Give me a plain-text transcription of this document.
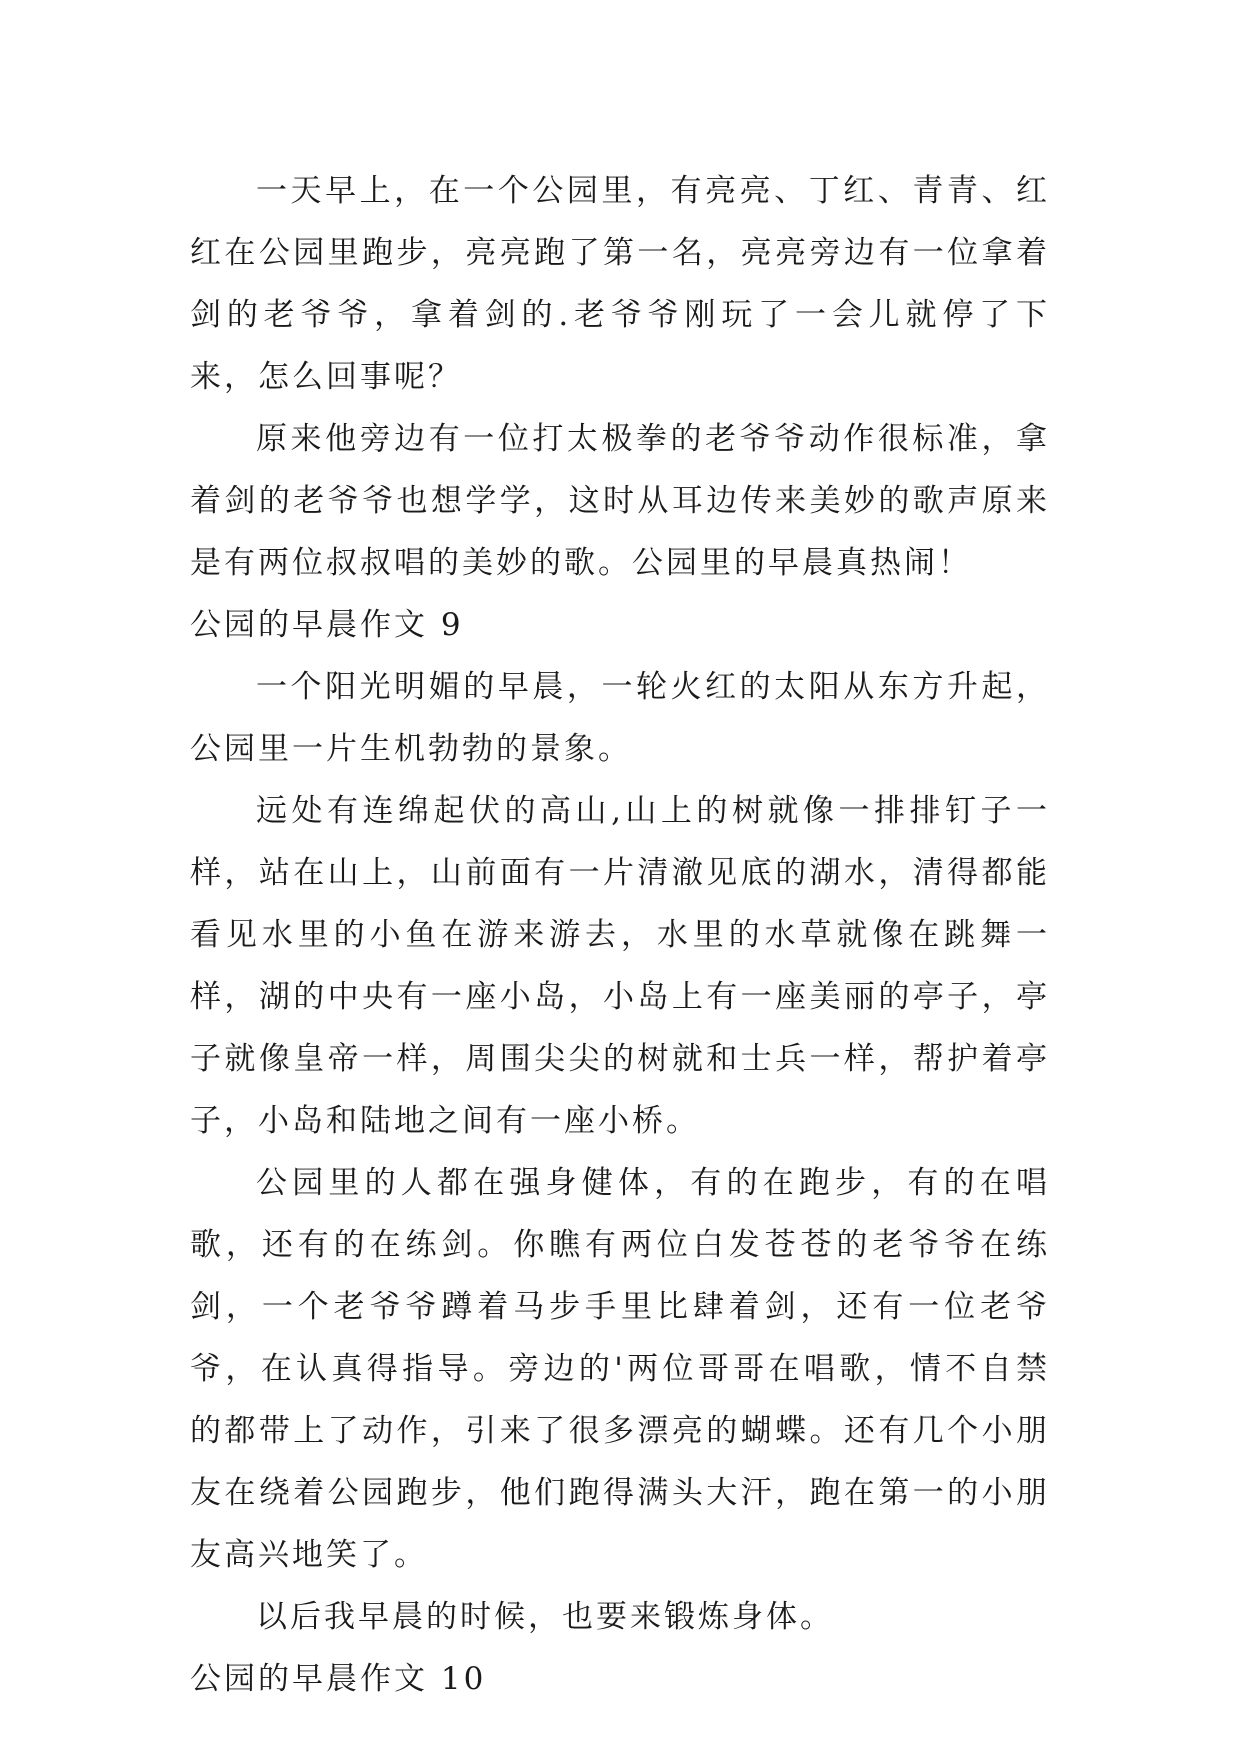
一天早上，在一个公园里，有亮亮、丁红、青青、红红在公园里跑步，亮亮跑了第一名，亮亮旁边有一位拿着剑的老爷爷，拿着剑的.老爷爷刚玩了一会儿就停了下来，怎么回事呢？

原来他旁边有一位打太极拳的老爷爷动作很标准，拿着剑的老爷爷也想学学，这时从耳边传来美妙的歌声原来是有两位叔叔唱的美妙的歌。公园里的早晨真热闹！

公园的早晨作文 9

一个阳光明媚的早晨，一轮火红的太阳从东方升起，公园里一片生机勃勃的景象。

远处有连绵起伏的高山,山上的树就像一排排钉子一样，站在山上，山前面有一片清澈见底的湖水，清得都能看见水里的小鱼在游来游去，水里的水草就像在跳舞一样，湖的中央有一座小岛，小岛上有一座美丽的亭子，亭子就像皇帝一样，周围尖尖的树就和士兵一样，帮护着亭子，小岛和陆地之间有一座小桥。

公园里的人都在强身健体，有的在跑步，有的在唱歌，还有的在练剑。你瞧有两位白发苍苍的老爷爷在练剑，一个老爷爷蹲着马步手里比肆着剑，还有一位老爷爷，在认真得指导。旁边的'两位哥哥在唱歌，情不自禁的都带上了动作，引来了很多漂亮的蝴蝶。还有几个小朋友在绕着公园跑步，他们跑得满头大汗，跑在第一的小朋友高兴地笑了。

以后我早晨的时候，也要来锻炼身体。

公园的早晨作文 10
